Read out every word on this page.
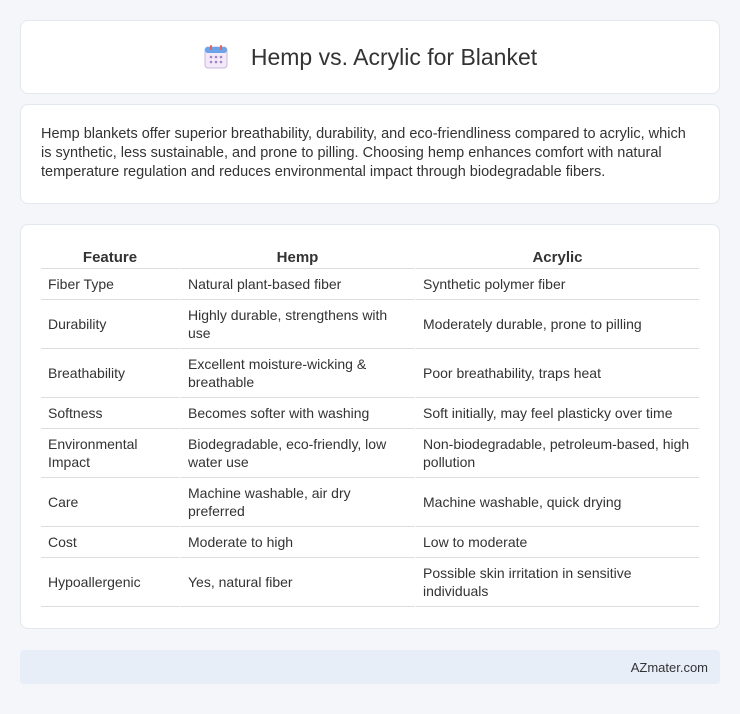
Hemp vs. Acrylic for Blanket

Hemp blankets offer superior breathability, durability, and eco-friendliness compared to acrylic, which is synthetic, less sustainable, and prone to pilling. Choosing hemp enhances comfort with natural temperature regulation and reduces environmental impact through biodegradable fibers.

Feature	Hemp	Acrylic
Fiber Type	Natural plant-based fiber	Synthetic polymer fiber
Durability	Highly durable, strengthens with use	Moderately durable, prone to pilling
Breathability	Excellent moisture-wicking & breathable	Poor breathability, traps heat
Softness	Becomes softer with washing	Soft initially, may feel plasticky over time
Environmental Impact	Biodegradable, eco-friendly, low water use	Non-biodegradable, petroleum-based, high pollution
Care	Machine washable, air dry preferred	Machine washable, quick drying
Cost	Moderate to high	Low to moderate
Hypoallergenic	Yes, natural fiber	Possible skin irritation in sensitive individuals
AZmater.com
